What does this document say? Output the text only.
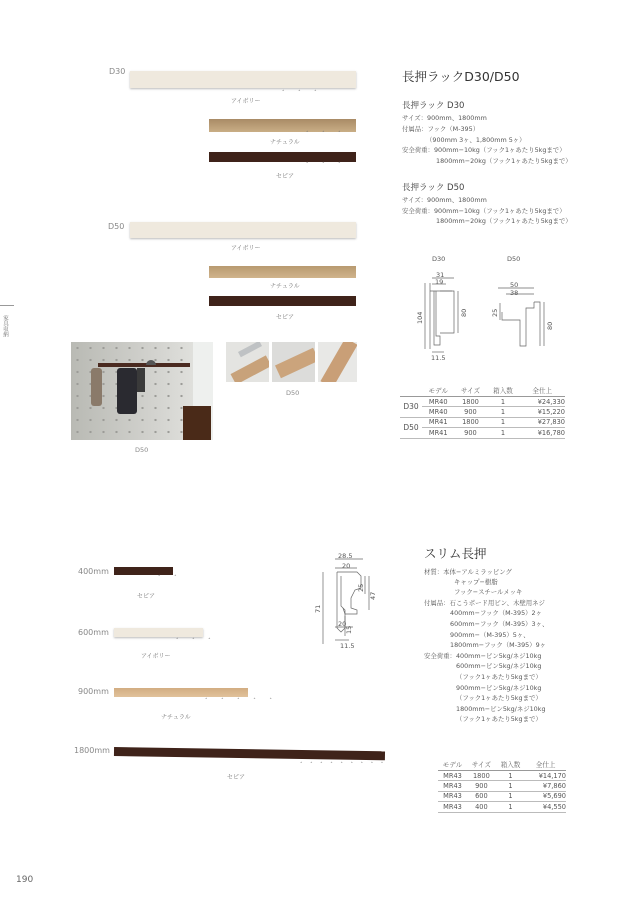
家具収納
D30
˄ ˄ ˄
アイボリー
˄ ˄ ˄
ナチュラル
˄ ˄ ˄
セピア
D50
アイボリー
ナチュラル
セピア
D50
D50
長押ラックD30/D50
長押ラック D30
サイズ：900mm、1800mm
付属品：フック（M-395）
（900mm 3ヶ、1,800mm 5ヶ）
安全荷重：900mm−10kg（フック1ヶあたり5kgまで）
1800mm−20kg（フック1ヶあたり5kgまで）
長押ラック D50
サイズ：900mm、1800mm
安全荷重：900mm−10kg（フック1ヶあたり5kgまで）
1800mm−20kg（フック1ヶあたり5kgまで）
D30	D50
31
19
104	80
11.5
50
38
25
80
	モデル	サイズ	箱入数	全仕上
D30	MR40	1800	1	¥24,330
	MR40	900	1	¥15,220
D50	MR41	1800	1	¥27,830
	MR41	900	1	¥16,780
400mm
˄ ˄
セピア
600mm
˄ ˄ ˄
アイボリー
900mm
˄ ˄ ˄ ˄ ˄
ナチュラル
1800mm
˄ ˄ ˄ ˄ ˄ ˄ ˄ ˄ ˄
セピア
28.5
20
25
47
71
20
15
11.5
スリム長押
材質：本体−アルミラッピング
キャップ−樹脂
フック−スチールメッキ
付属品：石こうボード用ピン、木壁用ネジ
400mm−フック（M-395）2ヶ
600mm−フック（M-395）3ヶ、
900mm−（M-395）5ヶ、
1800mm−フック（M-395）9ヶ
安全荷重：400mm−ピン5kg/ネジ10kg
600mm−ピン5kg/ネジ10kg
（フック1ヶあたり5kgまで）
900mm−ピン5kg/ネジ10kg
（フック1ヶあたり5kgまで）
1800mm−ピン5kg/ネジ10kg
（フック1ヶあたり5kgまで）
モデル	サイズ	箱入数	全仕上
MR43	1800	1	¥14,170
MR43	900	1	¥7,860
MR43	600	1	¥5,690
MR43	400	1	¥4,550
190
